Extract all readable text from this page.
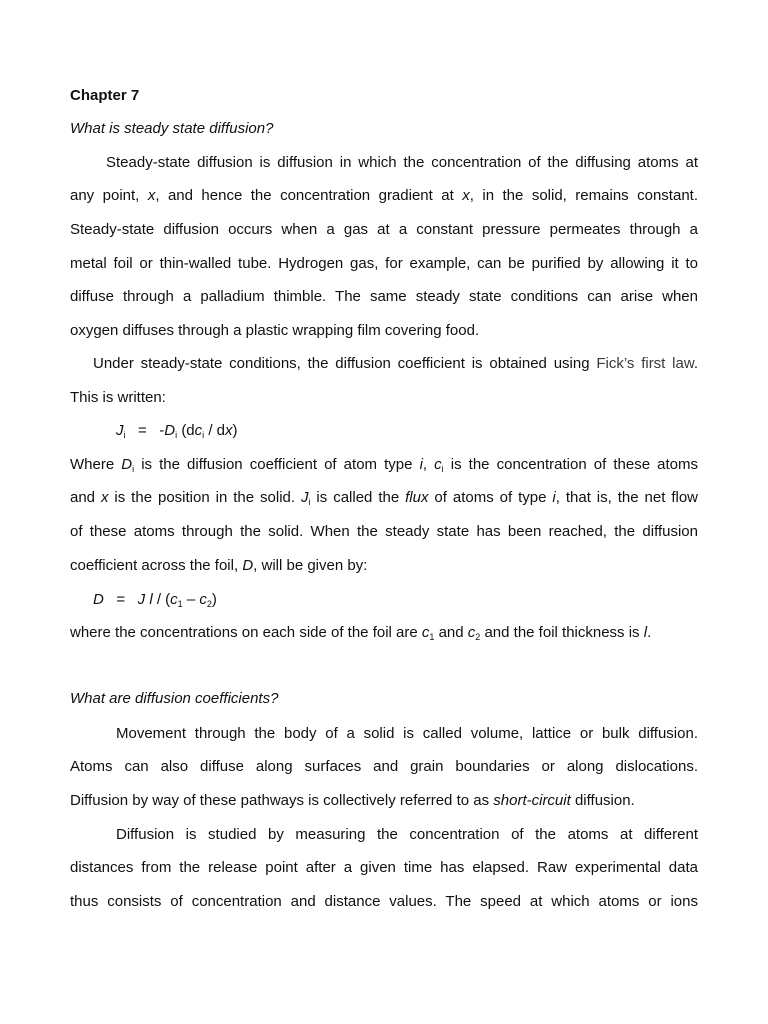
Chapter 7
What is steady state diffusion?
Steady-state diffusion is diffusion in which the concentration of the diffusing atoms at
any point, x, and hence the concentration gradient at x, in the solid, remains constant.
Steady-state diffusion occurs when a gas at a constant pressure permeates through a
metal foil or thin-walled tube. Hydrogen gas, for example, can be purified by allowing it to
diffuse through a palladium thimble. The same steady state conditions can arise when
oxygen diffuses through a plastic wrapping film covering food.
Under steady-state conditions, the diffusion coefficient is obtained using Fick’s first law.
This is written:
$J_i = -D_i$ $(dc_i / dx)$
Where $D_i$ is the diffusion coefficient of atom type i, $c_i$ is the concentration of these atoms
and x is the position in the solid. $J_i$ is called the flux of atoms of type i, that is, the net flow
of these atoms through the solid. When the steady state has been reached, the diffusion
coefficient across the foil, D, will be given by:
D = J l / $(c_1 - c_2)$
where the concentrations on each side of the foil are $c_1$ and $c_2$ and the foil thickness is l.
What are diffusion coefficients?
Movement through the body of a solid is called volume, lattice or bulk diffusion.
Atoms can also diffuse along surfaces and grain boundaries or along dislocations.
Diffusion by way of these pathways is collectively referred to as short-circuit diffusion.
Diffusion is studied by measuring the concentration of the atoms at different
distances from the release point after a given time has elapsed. Raw experimental data
thus consists of concentration and distance values. The speed at which atoms or ions
